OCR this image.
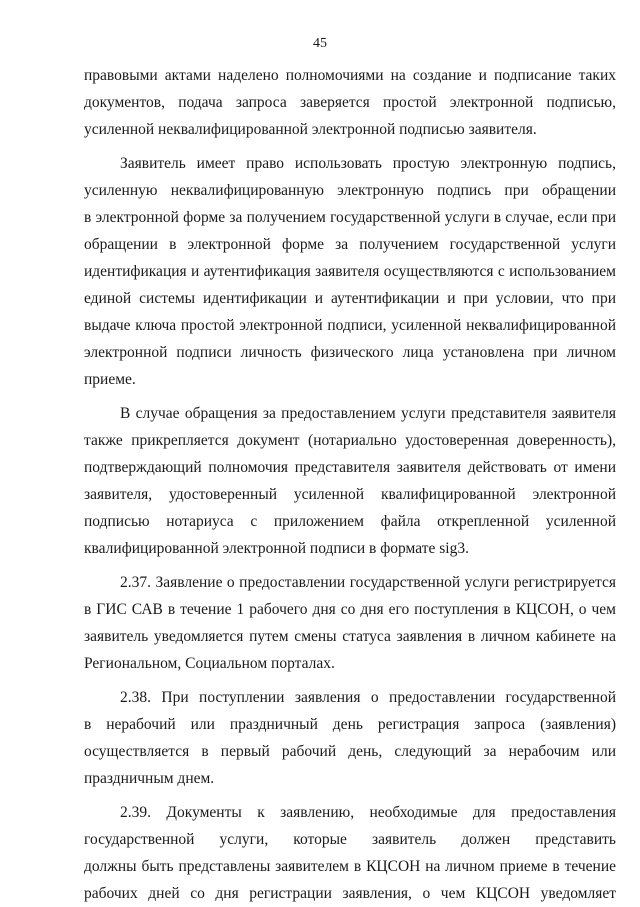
45
правовыми актами наделено полномочиями на создание и подписание таких
документов, подача запроса заверяется простой электронной подписью,
усиленной неквалифицированной электронной подписью заявителя.
Заявитель имеет право использовать простую электронную подпись,
усиленную неквалифицированную электронную подпись при обращении
в электронной форме за получением государственной услуги в случае, если при
обращении в электронной форме за получением государственной услуги
идентификация и аутентификация заявителя осуществляются с использованием
единой системы идентификации и аутентификации и при условии, что при
выдаче ключа простой электронной подписи, усиленной неквалифицированной
электронной подписи личность физического лица установлена при личном
приеме.
В случае обращения за предоставлением услуги представителя заявителя
также прикрепляется документ (нотариально удостоверенная доверенность),
подтверждающий полномочия представителя заявителя действовать от имени
заявителя, удостоверенный усиленной квалифицированной электронной
подписью нотариуса с приложением файла открепленной усиленной
квалифицированной электронной подписи в формате sig3.
2.37. Заявление о предоставлении государственной услуги регистрируется
в ГИС САВ в течение 1 рабочего дня со дня его поступления в КЦСОН, о чем
заявитель уведомляется путем смены статуса заявления в личном кабинете на
Региональном, Социальном порталах.
2.38. При поступлении заявления о предоставлении государственной
в нерабочий или праздничный день регистрация запроса (заявления)
осуществляется в первый рабочий день, следующий за нерабочим или
праздничным днем.
2.39. Документы к заявлению, необходимые для предоставления
государственной услуги, которые заявитель должен представить
должны быть представлены заявителем в КЦСОН на личном приеме в течение
рабочих дней со дня регистрации заявления, о чем КЦСОН уведомляет
